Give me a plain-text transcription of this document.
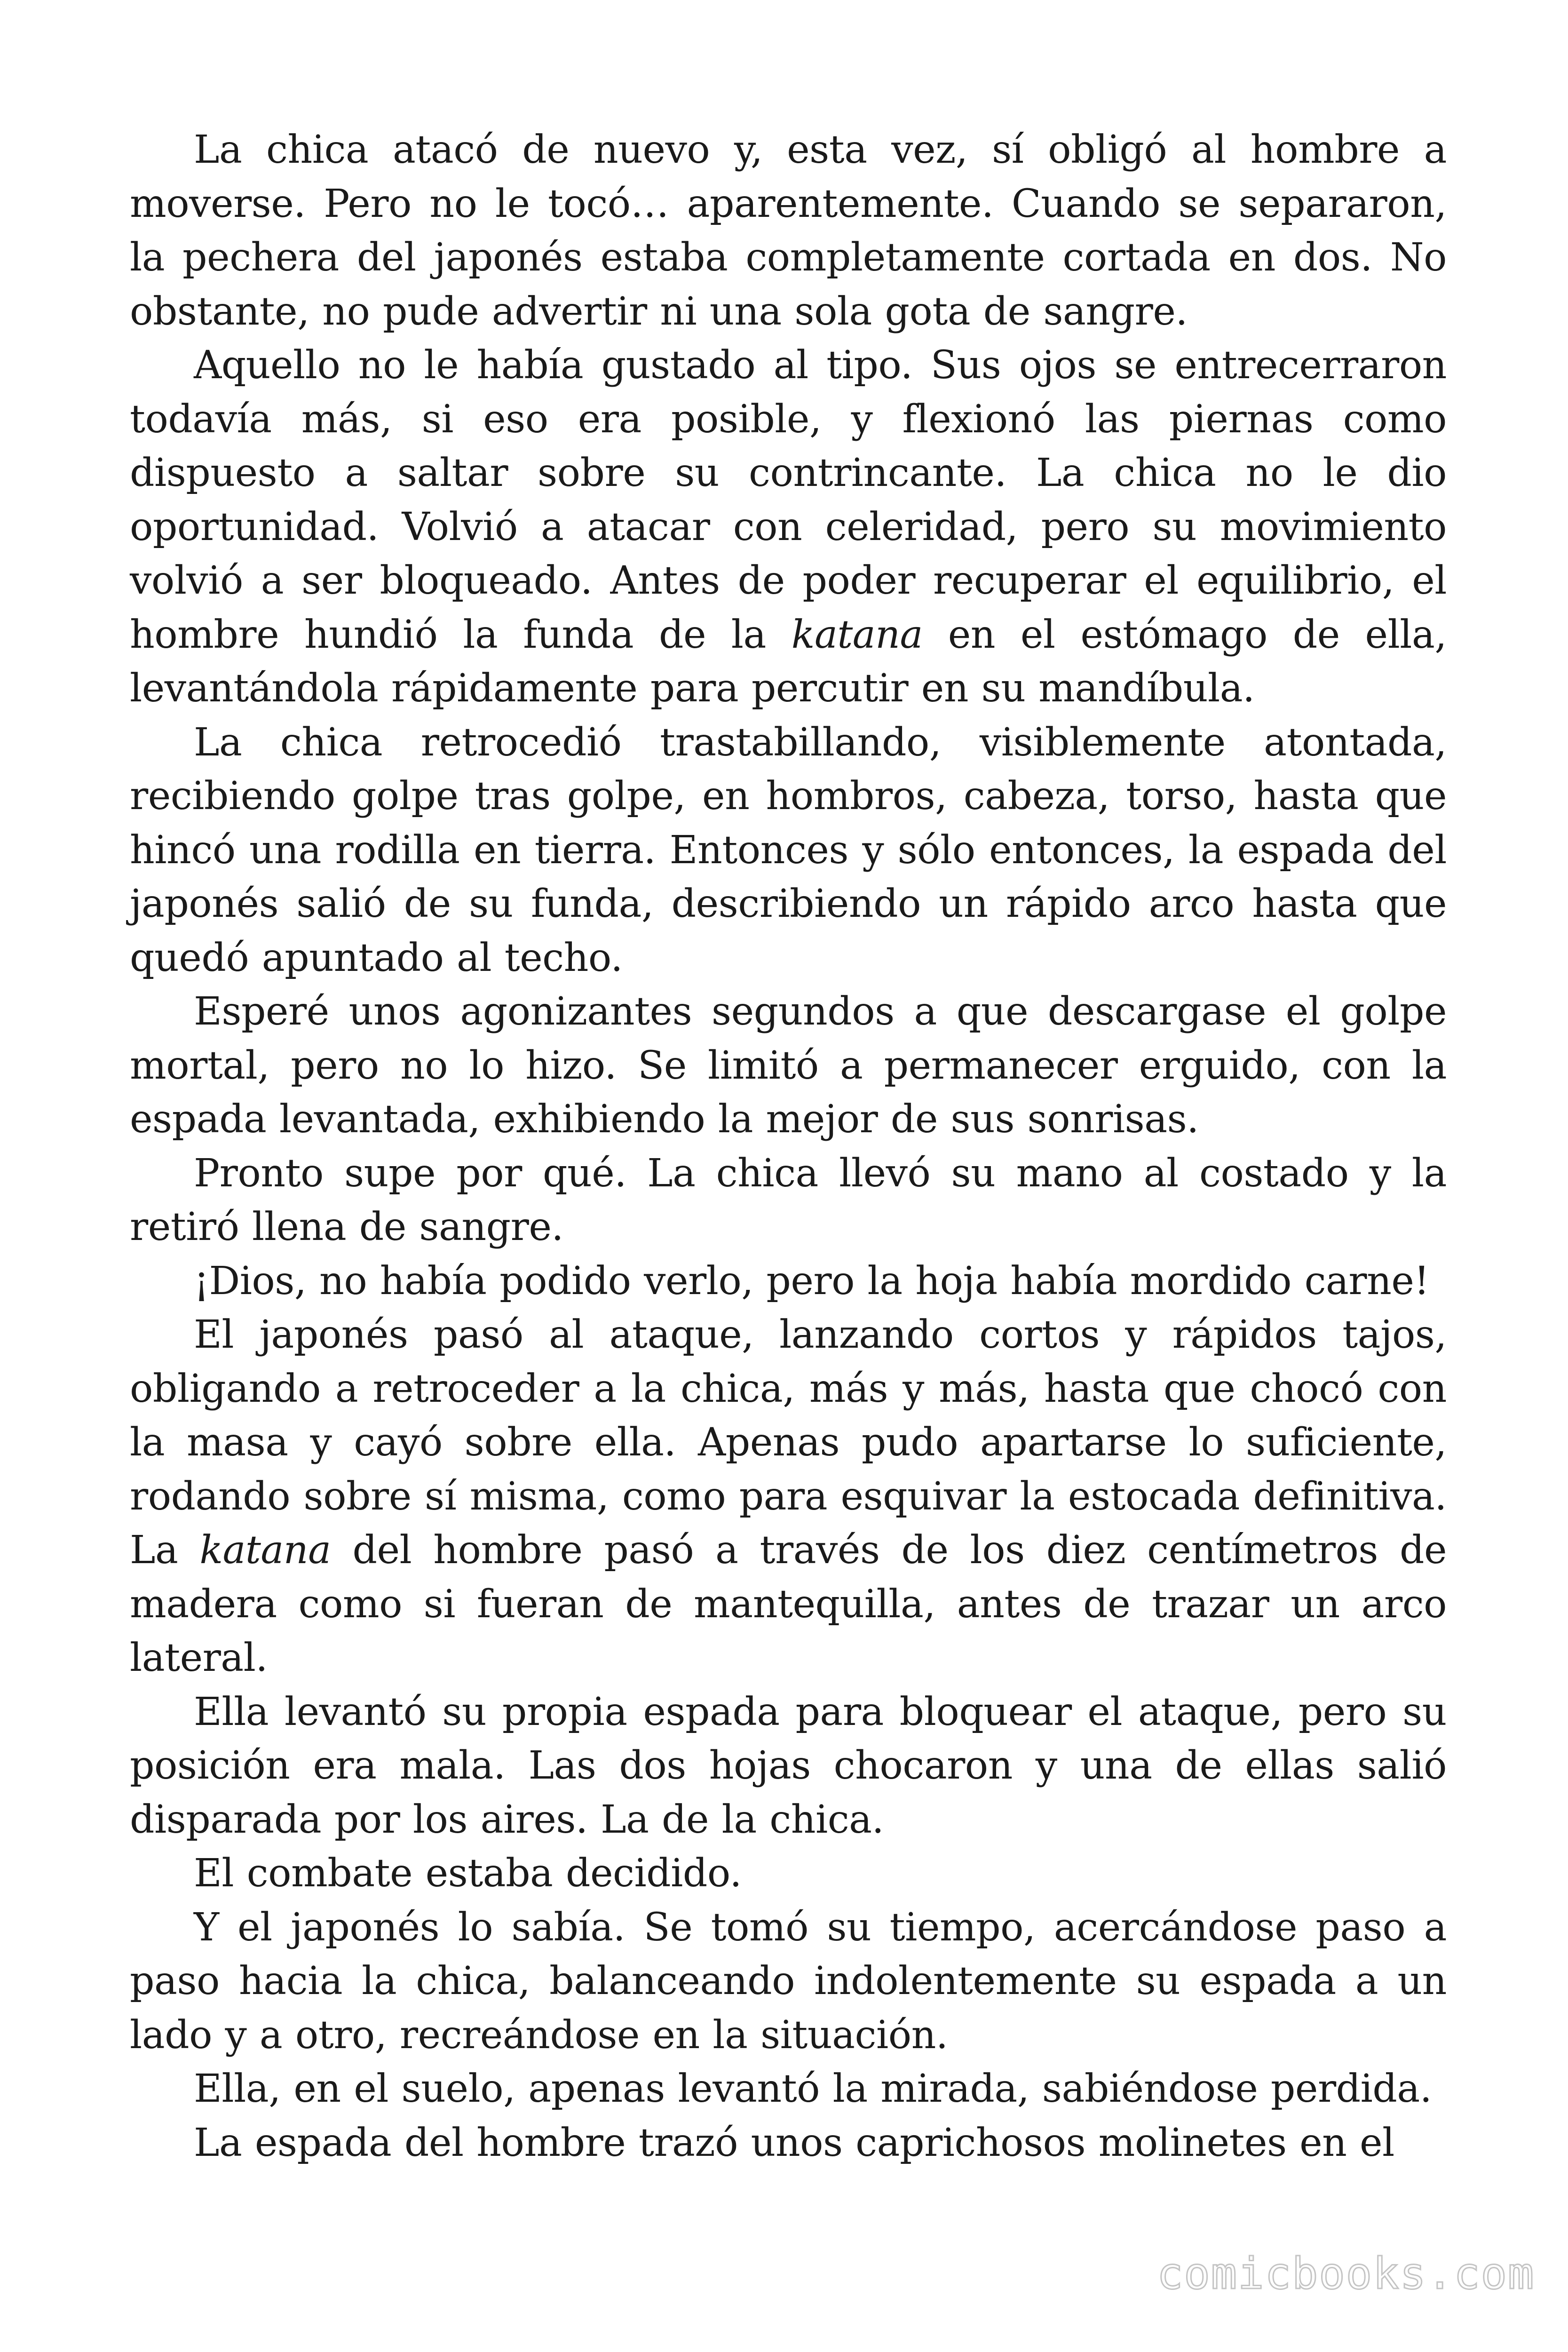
La chica atacó de nuevo y, esta vez, sí obligó al hombre a moverse. Pero no le tocó… aparentemente. Cuando se separaron, la pechera del japonés estaba completamente cortada en dos. No obstante, no pude advertir ni una sola gota de sangre.

Aquello no le había gustado al tipo. Sus ojos se entrecerraron todavía más, si eso era posible, y flexionó las piernas como dispuesto a saltar sobre su contrincante. La chica no le dio oportunidad. Volvió a atacar con celeridad, pero su movimiento volvió a ser bloqueado. Antes de poder recuperar el equilibrio, el hombre hundió la funda de la katana en el estómago de ella, levantándola rápidamente para percutir en su mandíbula.

La chica retrocedió trastabillando, visiblemente atontada, recibiendo golpe tras golpe, en hombros, cabeza, torso, hasta que hincó una rodilla en tierra. Entonces y sólo entonces, la espada del japonés salió de su funda, describiendo un rápido arco hasta que quedó apuntado al techo.

Esperé unos agonizantes segundos a que descargase el golpe mortal, pero no lo hizo. Se limitó a permanecer erguido, con la espada levantada, exhibiendo la mejor de sus sonrisas.

Pronto supe por qué. La chica llevó su mano al costado y la retiró llena de sangre.

¡Dios, no había podido verlo, pero la hoja había mordido carne!

El japonés pasó al ataque, lanzando cortos y rápidos tajos, obligando a retroceder a la chica, más y más, hasta que chocó con la masa y cayó sobre ella. Apenas pudo apartarse lo suficiente, rodando sobre sí misma, como para esquivar la estocada definitiva. La katana del hombre pasó a través de los diez centímetros de madera como si fueran de mantequilla, antes de trazar un arco lateral.

Ella levantó su propia espada para bloquear el ataque, pero su posición era mala. Las dos hojas chocaron y una de ellas salió disparada por los aires. La de la chica.

El combate estaba decidido.

Y el japonés lo sabía. Se tomó su tiempo, acercándose paso a paso hacia la chica, balanceando indolentemente su espada a un lado y a otro, recreándose en la situación.

Ella, en el suelo, apenas levantó la mirada, sabiéndose perdida.

La espada del hombre trazó unos caprichosos molinetes en el

comicbooks.com
